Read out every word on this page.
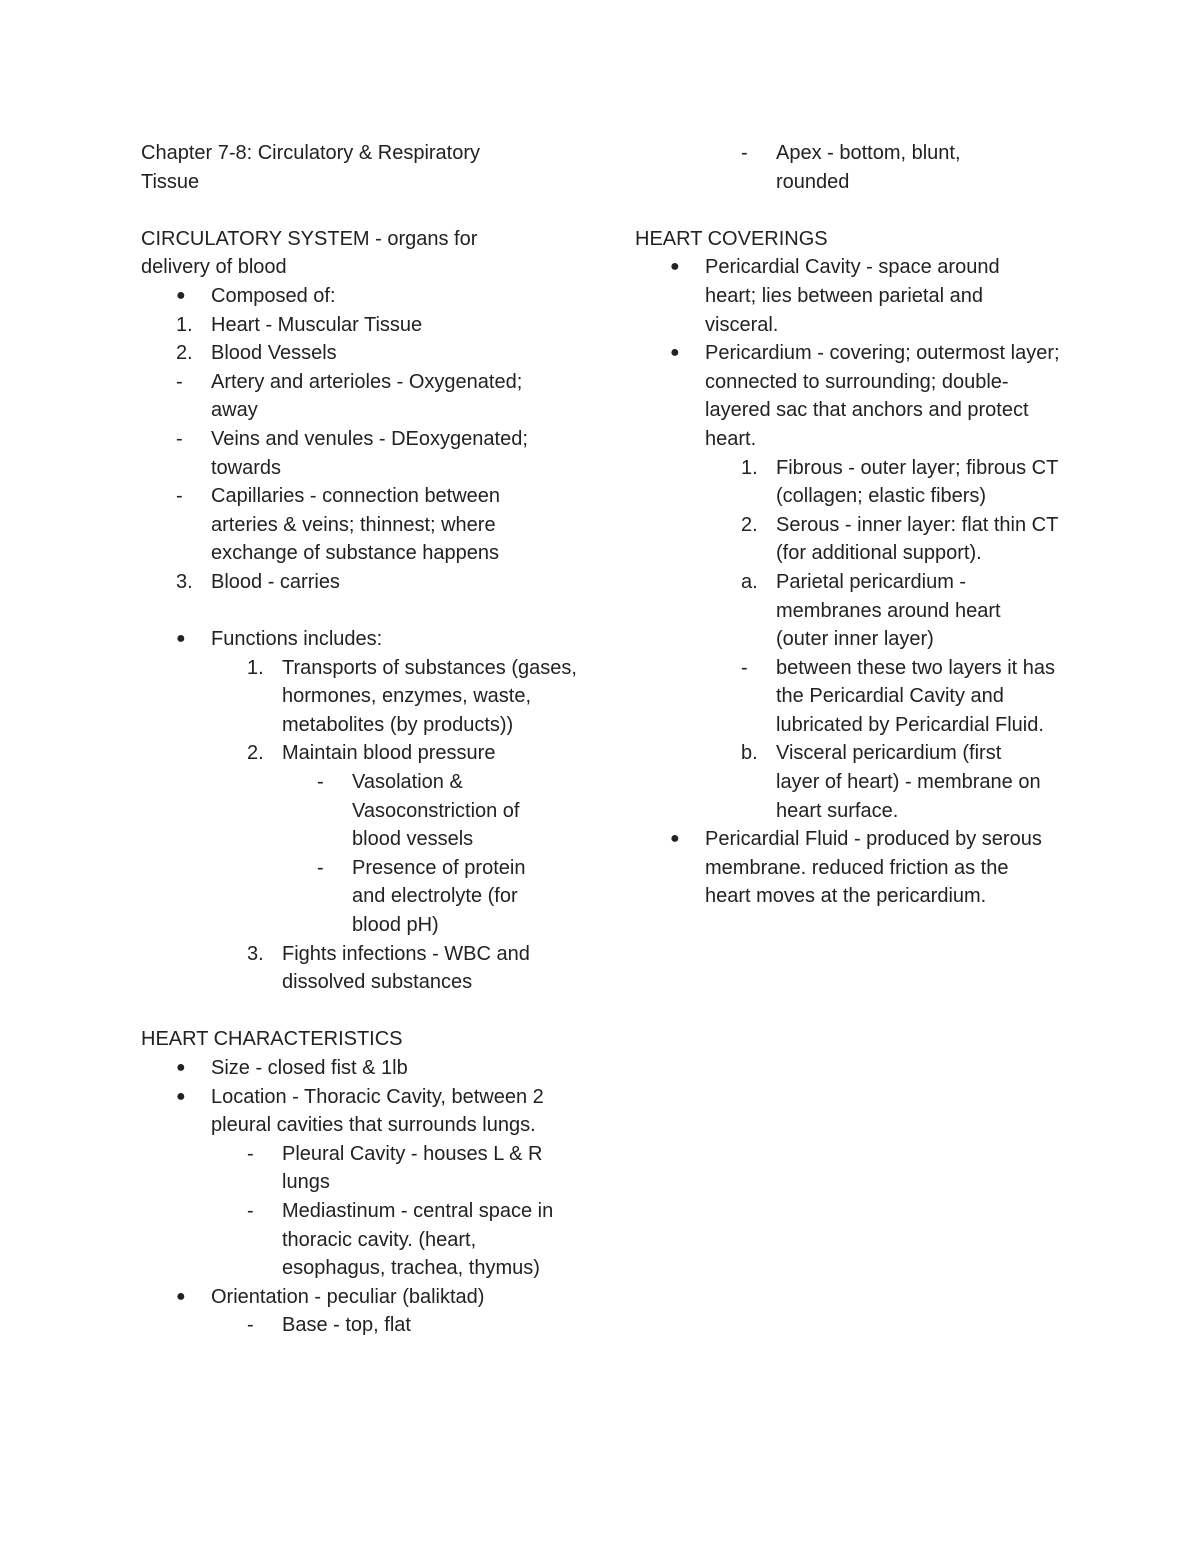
Chapter 7-8: Circulatory & Respiratory Tissue

CIRCULATORY SYSTEM - organs for delivery of blood

● Composed of:
1. Heart - Muscular Tissue
2. Blood Vessels
- Artery and arterioles - Oxygenated; away
- Veins and venules - DEoxygenated; towards
- Capillaries - connection between arteries & veins; thinnest; where exchange of substance happens
3. Blood - carries
● Functions includes:
1. Transports of substances (gases, hormones, enzymes, waste, metabolites (by products))
2. Maintain blood pressure
- Vasolation & Vasoconstriction of blood vessels
- Presence of protein and electrolyte (for blood pH)
3. Fights infections - WBC and dissolved substances

HEART CHARACTERISTICS

● Size - closed fist & 1lb
● Location - Thoracic Cavity, between 2 pleural cavities that surrounds lungs.
- Pleural Cavity - houses L & R lungs
- Mediastinum - central space in thoracic cavity. (heart, esophagus, trachea, thymus)
● Orientation - peculiar (baliktad)
- Base - top, flat
- Apex - bottom, blunt, rounded

HEART COVERINGS

● Pericardial Cavity - space around heart; lies between parietal and visceral.
● Pericardium - covering; outermost layer; connected to surrounding; double-layered sac that anchors and protect heart.
1. Fibrous - outer layer; fibrous CT (collagen; elastic fibers)
2. Serous - inner layer: flat thin CT (for additional support).
a. Parietal pericardium - membranes around heart (outer inner layer)
- between these two layers it has the Pericardial Cavity and lubricated by Pericardial Fluid.
b. Visceral pericardium (first layer of heart) - membrane on heart surface.
● Pericardial Fluid - produced by serous membrane. reduced friction as the heart moves at the pericardium.
